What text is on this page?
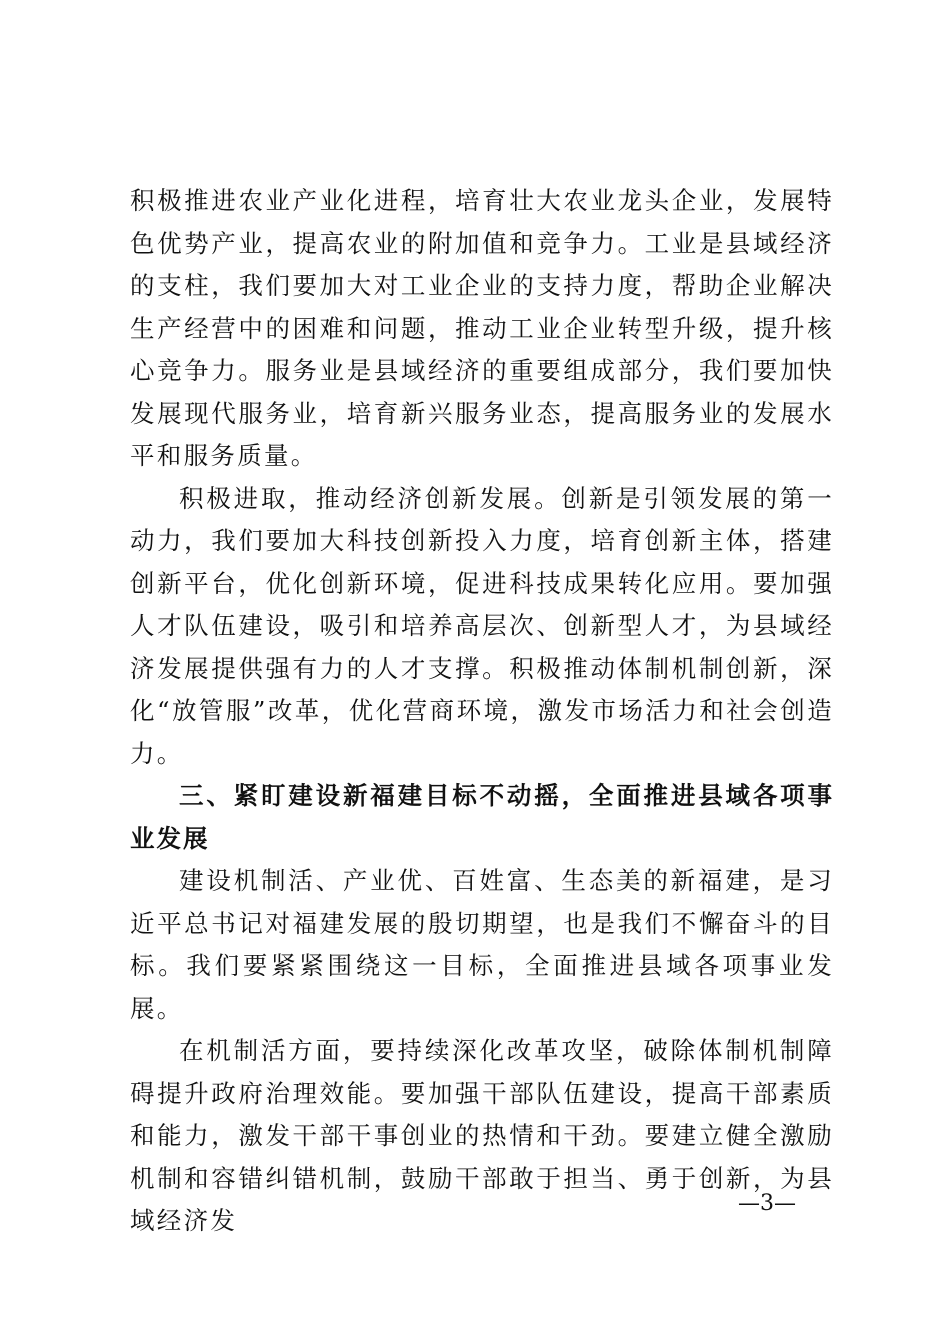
积极推进农业产业化进程，培育壮大农业龙头企业，发展特色优势产业，提高农业的附加值和竞争力。工业是县域经济的支柱，我们要加大对工业企业的支持力度，帮助企业解决生产经营中的困难和问题，推动工业企业转型升级，提升核心竞争力。服务业是县域经济的重要组成部分，我们要加快发展现代服务业，培育新兴服务业态，提高服务业的发展水平和服务质量。

积极进取，推动经济创新发展。创新是引领发展的第一动力，我们要加大科技创新投入力度，培育创新主体，搭建创新平台，优化创新环境，促进科技成果转化应用。要加强人才队伍建设，吸引和培养高层次、创新型人才，为县域经济发展提供强有力的人才支撑。积极推动体制机制创新，深化“放管服”改革，优化营商环境，激发市场活力和社会创造力。

三、紧盯建设新福建目标不动摇，全面推进县域各项事业发展

建设机制活、产业优、百姓富、生态美的新福建，是习近平总书记对福建发展的殷切期望，也是我们不懈奋斗的目标。我们要紧紧围绕这一目标，全面推进县域各项事业发展。

在机制活方面，要持续深化改革攻坚，破除体制机制障碍提升政府治理效能。要加强干部队伍建设，提高干部素质和能力，激发干部干事创业的热情和干劲。要建立健全激励机制和容错纠错机制，鼓励干部敢于担当、勇于创新，为县域经济发

—3—
